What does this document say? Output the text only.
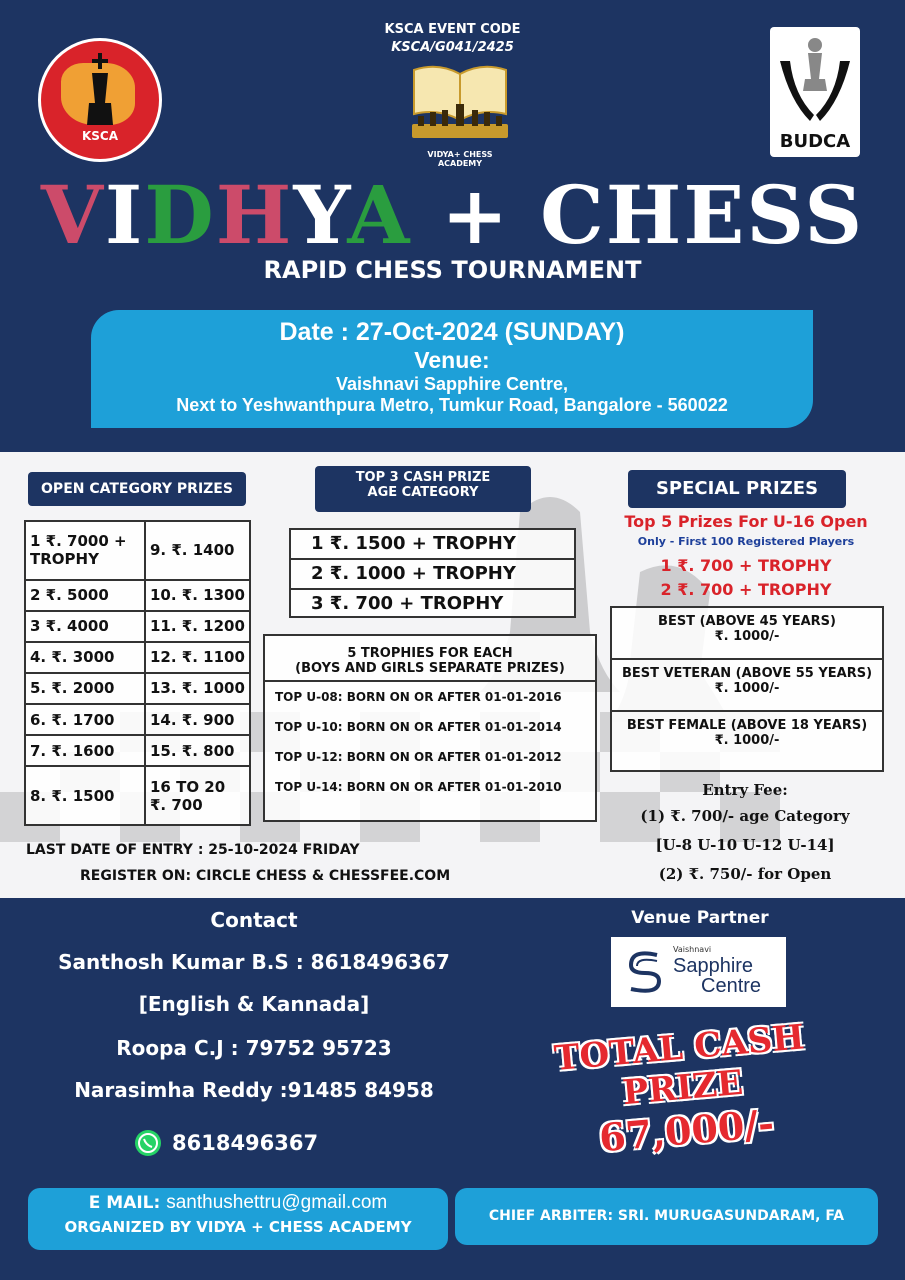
KSCA
KSCA EVENT CODE
KSCA/G041/2425
VIDYA+ CHESS ACADEMY
BUDCA
VIDHYA + CHESS
RAPID CHESS TOURNAMENT
Date : 27-Oct-2024 (SUNDAY)
Venue:
Vaishnavi Sapphire Centre,
Next to Yeshwanthpura Metro, Tumkur Road, Bangalore - 560022
OPEN CATEGORY PRIZES
1 ₹. 7000 + TROPHY	9. ₹. 1400
2 ₹. 5000	10. ₹. 1300
3 ₹. 4000	11. ₹. 1200
4. ₹. 3000	12. ₹. 1100
5. ₹. 2000	13. ₹. 1000
6. ₹. 1700	14. ₹. 900
7. ₹. 1600	15. ₹. 800
8. ₹. 1500	16 TO 20 ₹. 700
TOP 3 CASH PRIZE
AGE CATEGORY
1 ₹. 1500 + TROPHY
2 ₹. 1000 + TROPHY
3 ₹. 700 + TROPHY
5 TROPHIES FOR EACH
(BOYS AND GIRLS SEPARATE PRIZES)
TOP U-08: BORN ON OR AFTER 01-01-2016
TOP U-10: BORN ON OR AFTER 01-01-2014
TOP U-12: BORN ON OR AFTER 01-01-2012
TOP U-14: BORN ON OR AFTER 01-01-2010
SPECIAL PRIZES
Top 5 Prizes For U-16 Open
Only - First 100 Registered Players
1 ₹. 700 + TROPHY
2 ₹. 700 + TROPHY
BEST (ABOVE 45 YEARS)
₹. 1000/-
BEST VETERAN (ABOVE 55 YEARS)
₹. 1000/-
BEST FEMALE (ABOVE 18 YEARS)
₹. 1000/-
Entry Fee:
(1) ₹. 700/- age Category
[U-8 U-10 U-12 U-14]
(2) ₹. 750/- for Open
LAST DATE OF ENTRY : 25-10-2024 FRIDAY
REGISTER ON: CIRCLE CHESS & CHESSFEE.COM
Contact
Santhosh Kumar B.S : 8618496367
[English & Kannada]
Roopa C.J : 79752 95723
Narasimha Reddy :91485 84958
8618496367
Venue Partner
Vaishnavi
Sapphire
Centre
TOTAL CASH PRIZE
67,000/-
E MAIL: santhushettru@gmail.com
ORGANIZED BY VIDYA + CHESS ACADEMY
CHIEF ARBITER: SRI. MURUGASUNDARAM, FA
